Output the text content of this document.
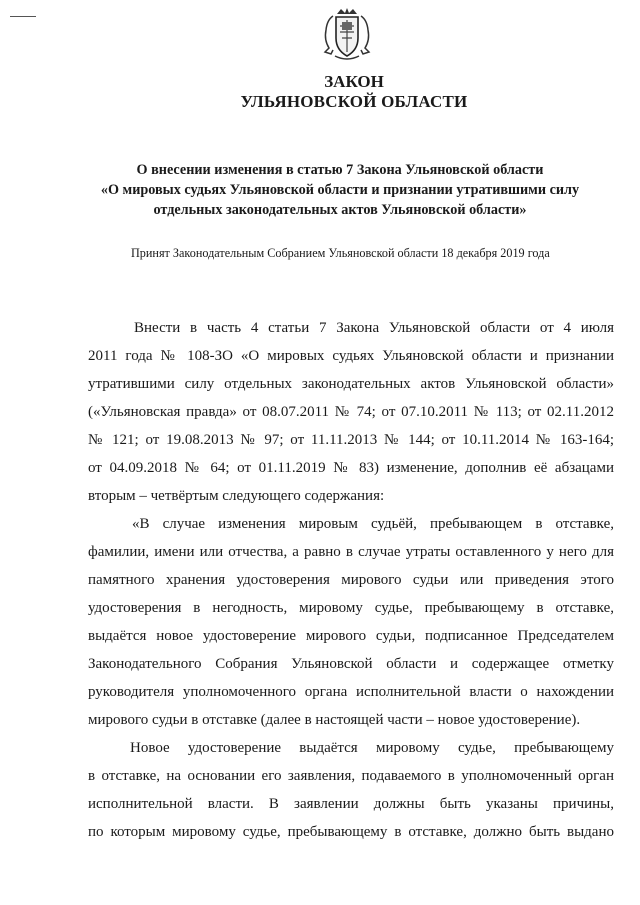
ЗАКОН
УЛЬЯНОВСКОЙ ОБЛАСТИ
О внесении изменения в статью 7 Закона Ульяновской области
«О мировых судьях Ульяновской области и признании утратившими силу
отдельных законодательных актов Ульяновской области»
Принят Законодательным Собранием Ульяновской области 18 декабря 2019 года
Внести в часть 4 статьи 7 Закона Ульяновской области от 4 июля
2011 года № 108-ЗО «О мировых судьях Ульяновской области и признании
утратившими силу отдельных законодательных актов Ульяновской области»
(«Ульяновская правда» от 08.07.2011 № 74; от 07.10.2011 № 113; от 02.11.2012
№ 121; от 19.08.2013 № 97; от 11.11.2013 № 144; от 10.11.2014 № 163-164;
от 04.09.2018 № 64; от 01.11.2019 № 83) изменение, дополнив её абзацами
вторым – четвёртым следующего содержания:
«В случае изменения мировым судьёй, пребывающем в отставке,
фамилии, имени или отчества, а равно в случае утраты оставленного у него для
памятного хранения удостоверения мирового судьи или приведения этого
удостоверения в негодность, мировому судье, пребывающему в отставке,
выдаётся новое удостоверение мирового судьи, подписанное Председателем
Законодательного Собрания Ульяновской области и содержащее отметку
руководителя уполномоченного органа исполнительной власти о нахождении
мирового судьи в отставке (далее в настоящей части – новое удостоверение).
Новое удостоверение выдаётся мировому судье, пребывающему
в отставке, на основании его заявления, подаваемого в уполномоченный орган
исполнительной власти. В заявлении должны быть указаны причины,
по которым мировому судье, пребывающему в отставке, должно быть выдано
